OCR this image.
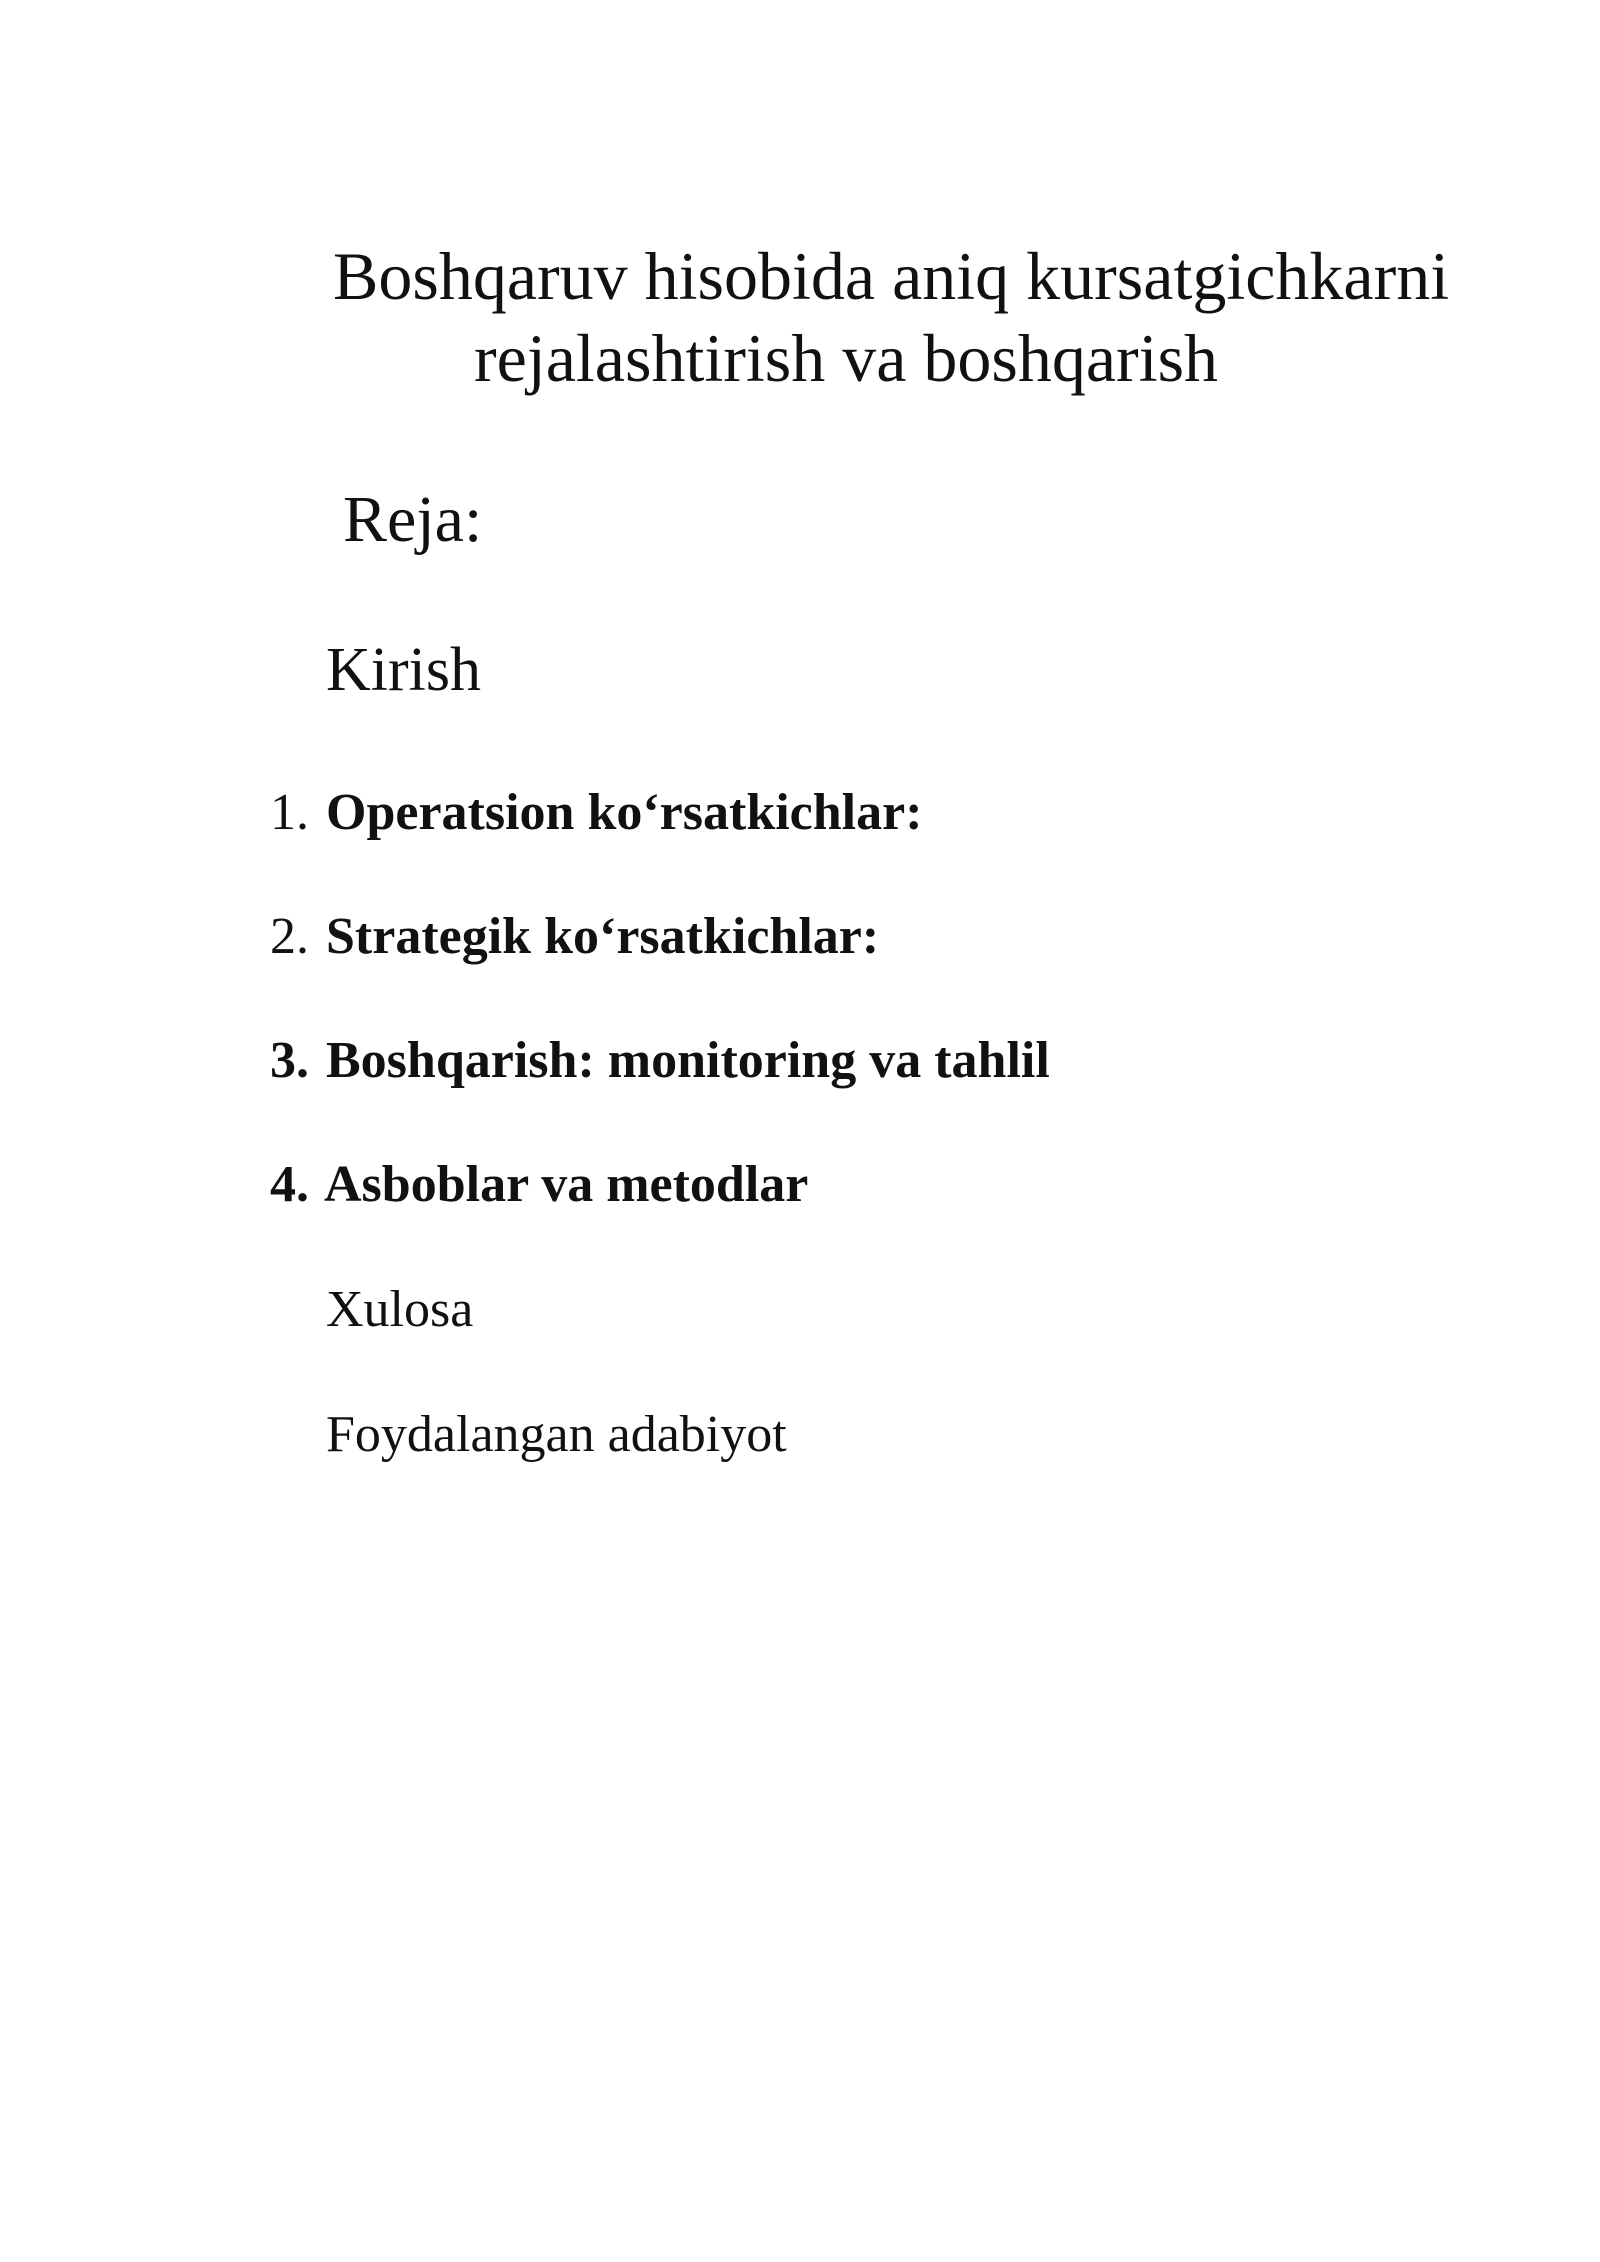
Boshqaruv hisobida aniq kursatgichkarni
rejalashtirish va boshqarish
Reja:
Kirish
1. Operatsion ko‘rsatkichlar:
2. Strategik ko‘rsatkichlar:
3. Boshqarish: monitoring va tahlil
4. Asboblar va metodlar
Xulosa
Foydalangan adabiyot
